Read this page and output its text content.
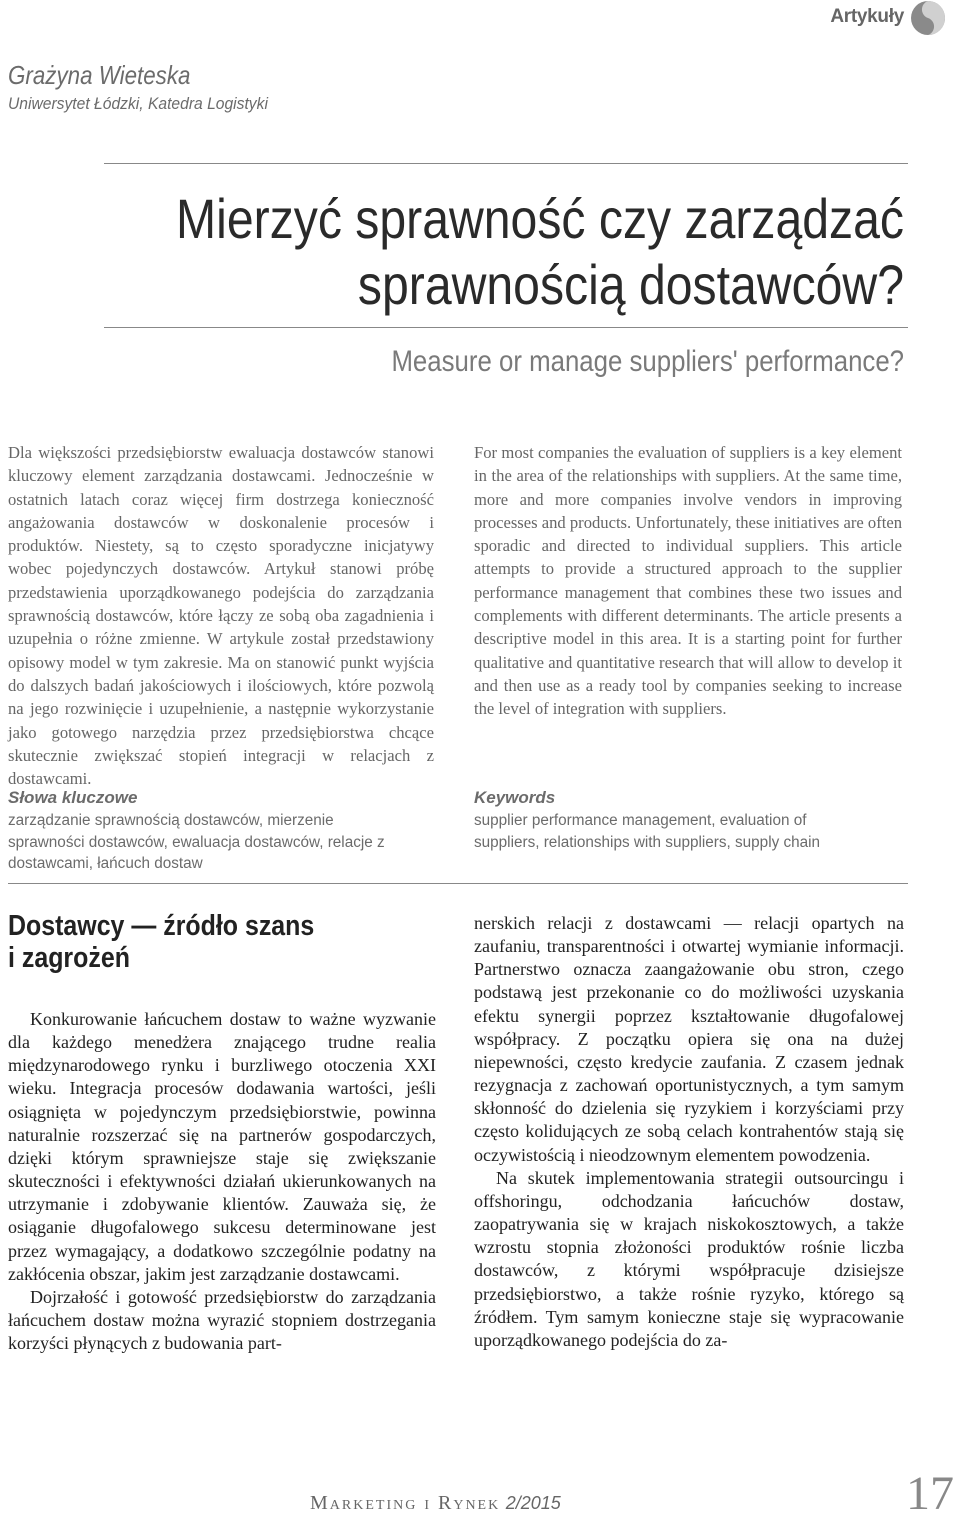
Artykuły
Grażyna Wieteska
Uniwersytet Łódzki, Katedra Logistyki
Mierzyć sprawność czy zarządzać
sprawnością dostawców?
Measure or manage suppliers' performance?
Dla większości przedsiębiorstw ewaluacja dostawców stanowi kluczowy element zarządzania dostawcami. Jednocześnie w ostatnich latach coraz więcej firm dostrzega konieczność angażowania dostawców w doskonalenie procesów i produktów. Niestety, są to często sporadyczne inicjatywy wobec pojedynczych dostawców. Artykuł stanowi próbę przedstawienia uporządkowanego podejścia do zarządzania sprawnością dostawców, które łączy ze sobą oba zagadnienia i uzupełnia o różne zmienne. W artykule został przedstawiony opisowy model w tym zakresie. Ma on stanowić punkt wyjścia do dalszych badań jakościowych i ilościowych, które pozwolą na jego rozwinięcie i uzupełnienie, a następnie wykorzystanie jako gotowego narzędzia przez przedsiębiorstwa chcące skutecznie zwiększać stopień integracji w relacjach z dostawcami.
For most companies the evaluation of suppliers is a key element in the area of the relationships with suppliers. At the same time, more and more companies involve vendors in improving processes and products. Unfortunately, these initiatives are often sporadic and directed to individual suppliers. This article attempts to provide a structured approach to the supplier performance management that combines these two issues and complements with different determinants. The article presents a descriptive model in this area. It is a starting point for further qualitative and quantitative research that will allow to develop it and then use as a ready tool by companies seeking to increase the level of integration with suppliers.
Słowa kluczowe
zarządzanie sprawnością dostawców, mierzenie sprawności dostawców, ewaluacja dostawców, relacje z dostawcami, łańcuch dostaw
Keywords
supplier performance management, evaluation of suppliers, relationships with suppliers, supply chain
Dostawcy — źródło szans
i zagrożeń

Konkurowanie łańcuchem dostaw to ważne wyzwanie dla każdego menedżera znającego trudne realia międzynarodowego rynku i burzliwego otoczenia XXI wieku. Integracja procesów dodawania wartości, jeśli osiągnięta w pojedynczym przedsiębiorstwie, powinna naturalnie rozszerzać się na partnerów gospodarczych, dzięki którym sprawniejsze staje się zwiększanie skuteczności i efektywności działań ukierunkowanych na utrzymanie i zdobywanie klientów. Zauważa się, że osiąganie długofalowego sukcesu determinowane jest przez wymagający, a dodatkowo szczególnie podatny na zakłócenia obszar, jakim jest zarządzanie dostawcami.

Dojrzałość i gotowość przedsiębiorstw do zarządzania łańcuchem dostaw można wyrazić stopniem dostrzegania korzyści płynących z budowania part-

nerskich relacji z dostawcami — relacji opartych na zaufaniu, transparentności i otwartej wymianie informacji. Partnerstwo oznacza zaangażowanie obu stron, czego podstawą jest przekonanie co do możliwości uzyskania efektu synergii poprzez kształtowanie długofalowej współpracy. Z początku opiera się ona na dużej niepewności, często kredycie zaufania. Z czasem jednak rezygnacja z zachowań oportunistycznych, a tym samym skłonność do dzielenia się ryzykiem i korzyściami przy często kolidujących ze sobą celach kontrahentów stają się oczywistością i nieodzownym elementem powodzenia.

Na skutek implementowania strategii outsourcingu i offshoringu, odchodzania łańcuchów dostaw, zaopatrywania się w krajach niskokosztowych, a także wzrostu stopnia złożoności produktów rośnie liczba dostawców, z którymi współpracuje dzisiejsze przedsiębiorstwo, a także rośnie ryzyko, którego są źródłem. Tym samym konieczne staje się wypracowanie uporządkowanego podejścia do za-

Marketing i Rynek 2/2015	17
